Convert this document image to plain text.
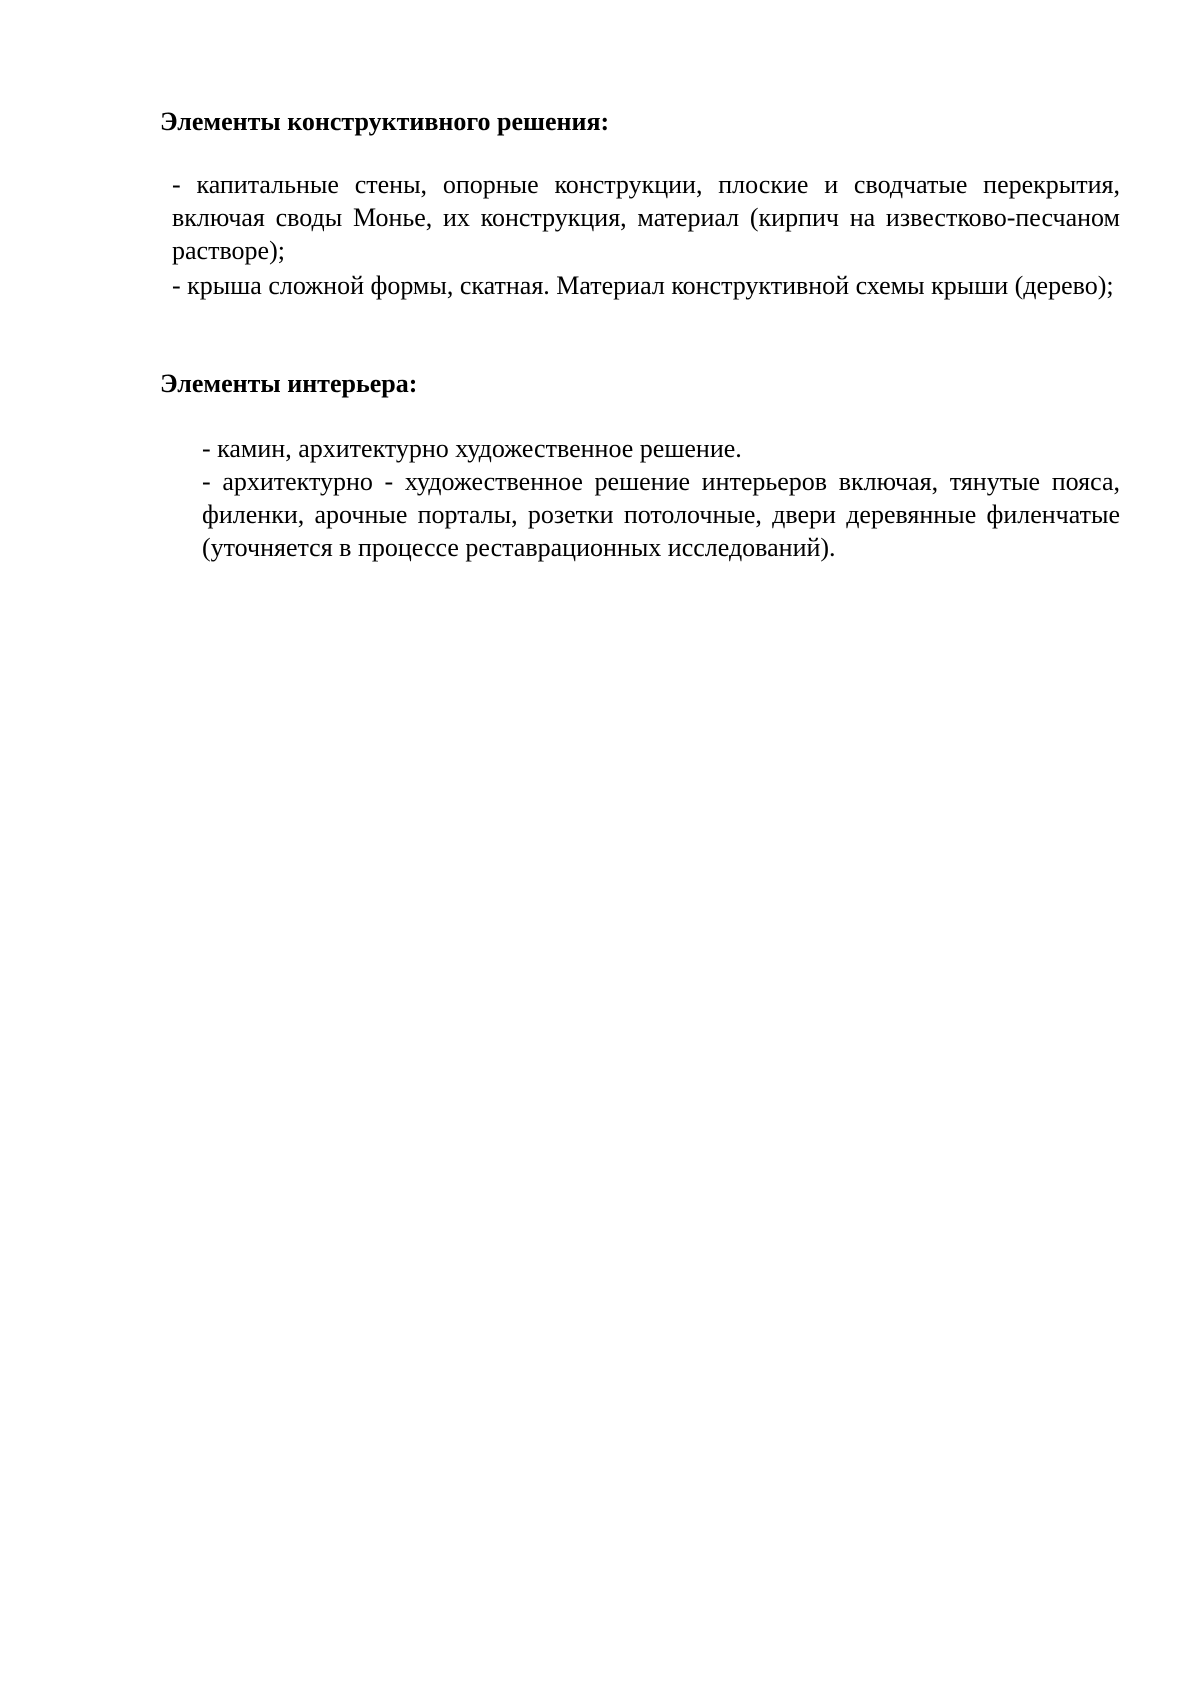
Элементы конструктивного решения:
- капитальные стены, опорные конструкции, плоские и сводчатые перекрытия, включая своды Монье, их конструкция, материал (кирпич на известково-песчаном растворе);
- крыша сложной формы, скатная. Материал конструктивной схемы крыши (дерево);
Элементы интерьера:
- камин, архитектурно художественное решение.
- архитектурно - художественное решение интерьеров включая, тянутые пояса, филенки, арочные порталы, розетки потолочные, двери деревянные филенчатые (уточняется в процессе реставрационных исследований).
